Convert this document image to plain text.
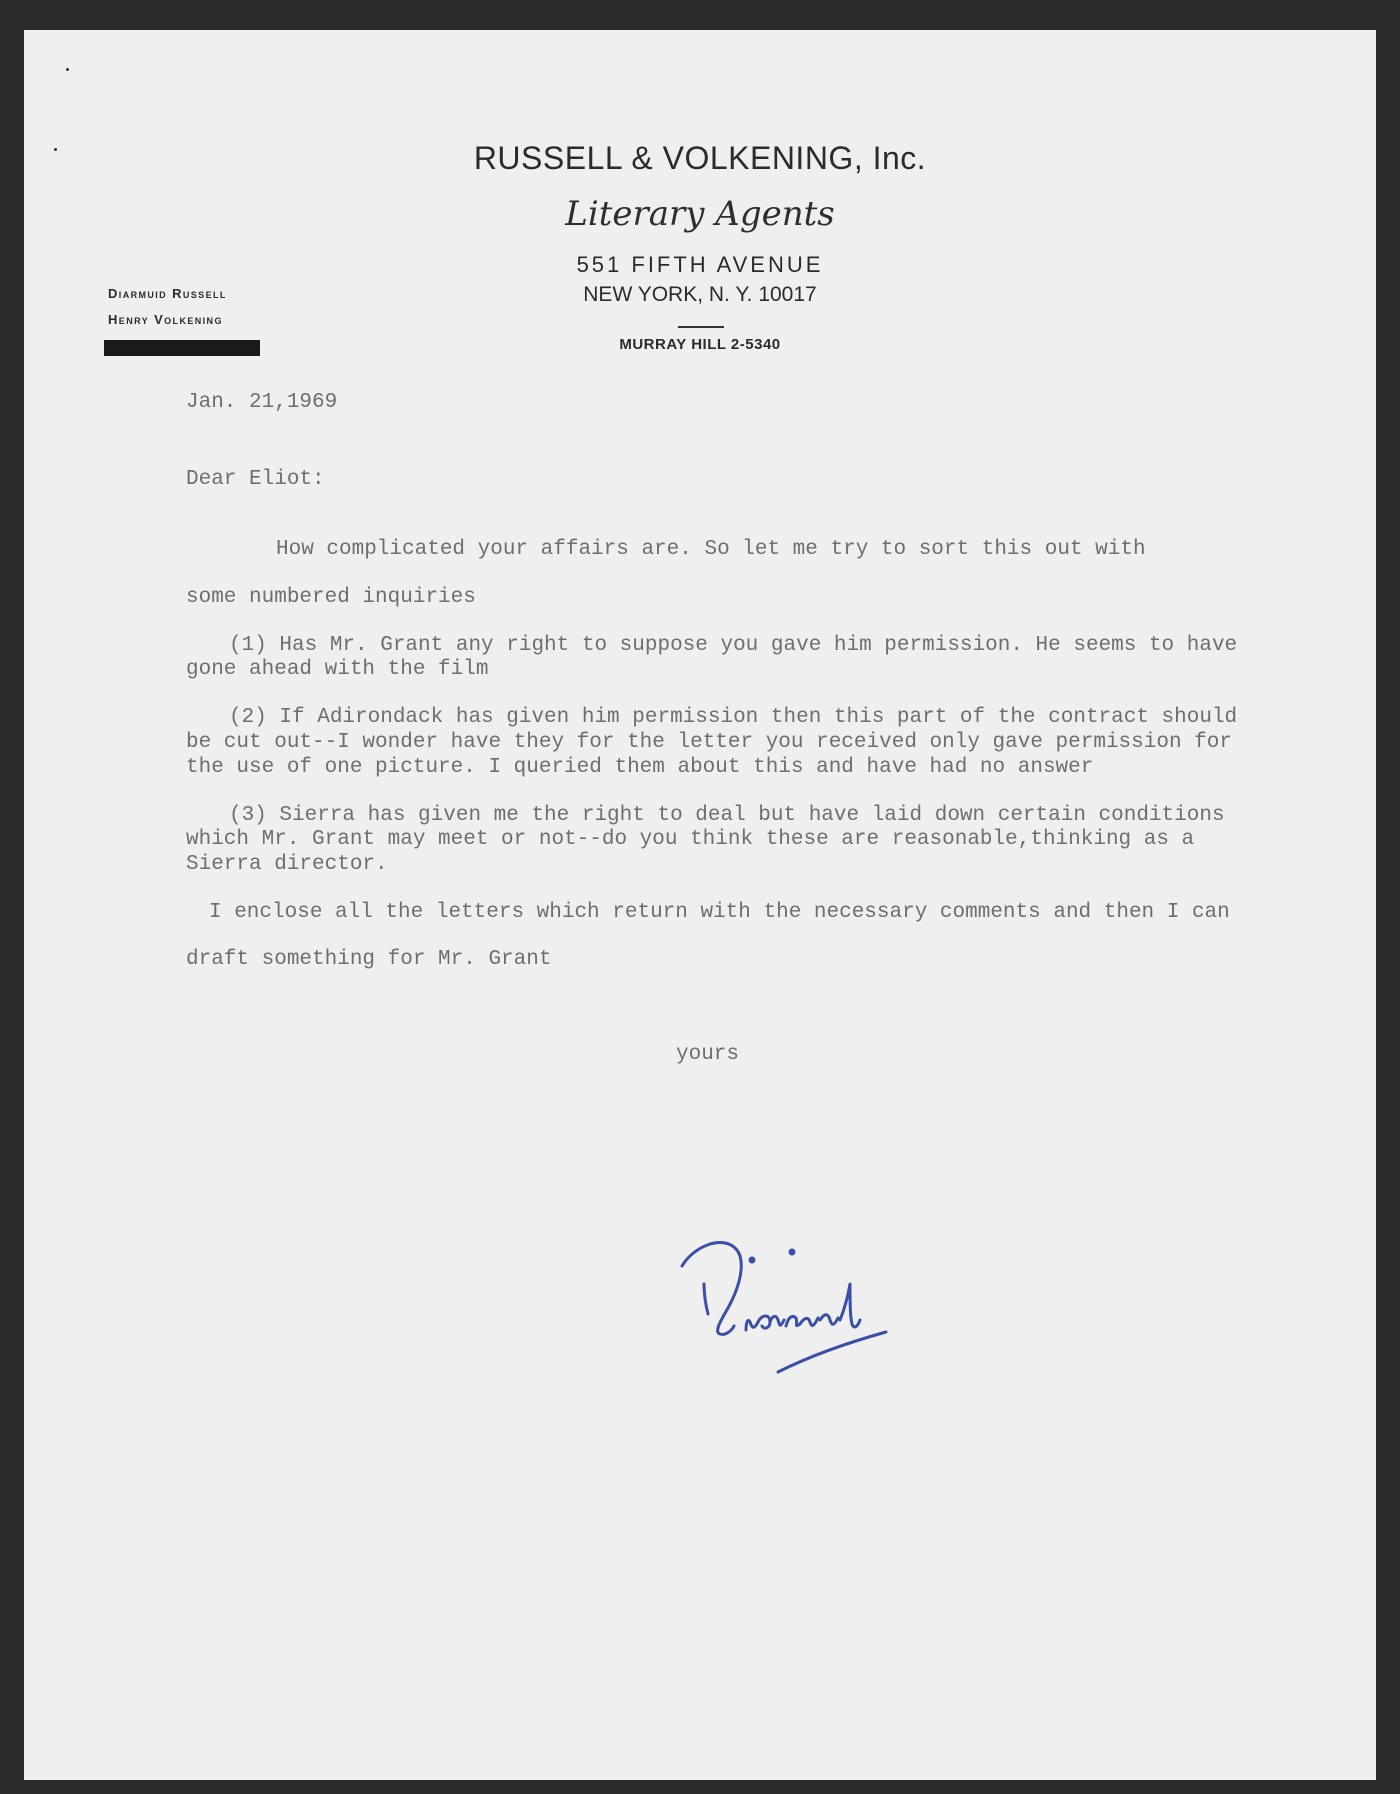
RUSSELL & VOLKENING, Inc.
Literary Agents
551 FIFTH AVENUE
NEW YORK, N. Y. 10017
MURRAY HILL 2-5340
Diarmuid Russell
Henry Volkening
Jan. 21,1969
Dear Eliot:
How complicated your affairs are. So let me try to sort this out with
some numbered inquiries
(1) Has Mr. Grant any right to suppose you gave him permission. He seems to have
gone ahead with the film
(2) If Adirondack has given him permission then this part of the contract should
be cut out--I wonder have they for the letter you received only gave permission for
the use of one picture. I queried them about this and have had no answer
(3) Sierra has given me the right to deal but have laid down certain conditions
which Mr. Grant may meet or not--do you think these are reasonable,thinking as a
Sierra director.
I enclose all the letters which return with the necessary comments and then I can
draft something for Mr. Grant
yours
